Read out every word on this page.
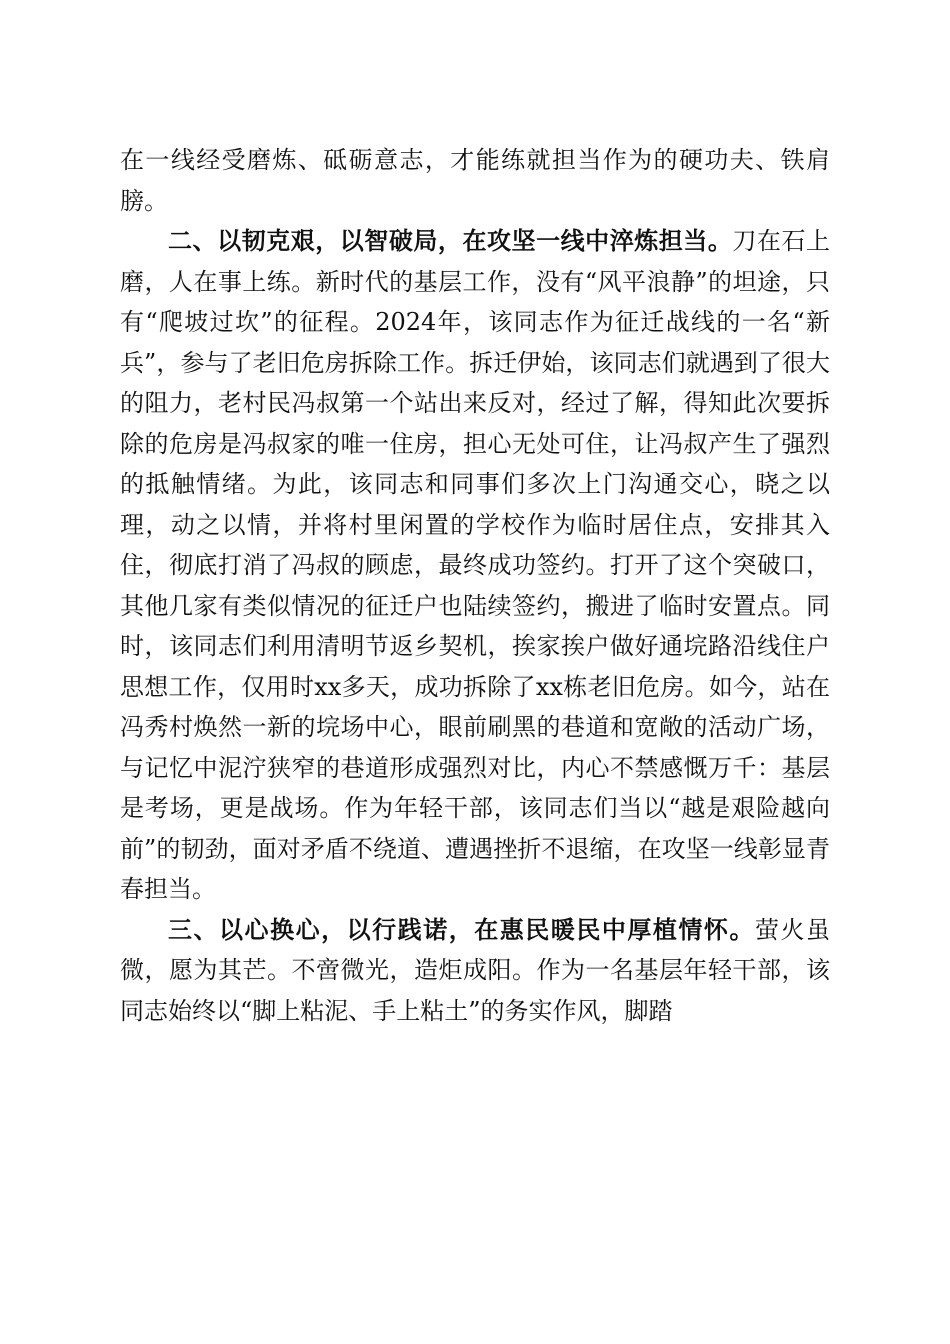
在一线经受磨炼、砥砺意志，才能练就担当作为的硬功夫、铁肩膀。

二、以韧克艰，以智破局，在攻坚一线中淬炼担当。刀在石上磨，人在事上练。新时代的基层工作，没有“风平浪静”的坦途，只有“爬坡过坎”的征程。2024年，该同志作为征迁战线的一名“新兵”，参与了老旧危房拆除工作。拆迁伊始，该同志们就遇到了很大的阻力，老村民冯叔第一个站出来反对，经过了解，得知此次要拆除的危房是冯叔家的唯一住房，担心无处可住，让冯叔产生了强烈的抵触情绪。为此，该同志和同事们多次上门沟通交心，晓之以理，动之以情，并将村里闲置的学校作为临时居住点，安排其入住，彻底打消了冯叔的顾虑，最终成功签约。打开了这个突破口，其他几家有类似情况的征迁户也陆续签约，搬进了临时安置点。同时，该同志们利用清明节返乡契机，挨家挨户做好通垸路沿线住户思想工作，仅用时xx多天，成功拆除了xx栋老旧危房。如今，站在冯秀村焕然一新的垸场中心，眼前刷黑的巷道和宽敞的活动广场，与记忆中泥泞狭窄的巷道形成强烈对比，内心不禁感慨万千：基层是考场，更是战场。作为年轻干部，该同志们当以“越是艰险越向前”的韧劲，面对矛盾不绕道、遭遇挫折不退缩，在攻坚一线彰显青春担当。

三、以心换心，以行践诺，在惠民暖民中厚植情怀。萤火虽微，愿为其芒。不啻微光，造炬成阳。作为一名基层年轻干部，该同志始终以“脚上粘泥、手上粘土”的务实作风，脚踏
